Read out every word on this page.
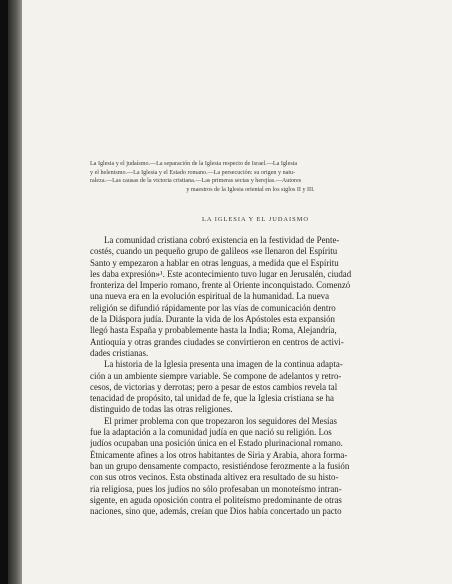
La Iglesia y el judaísmo.—La separación de la Iglesia respecto de Israel.—La Iglesia
y el helenismo.—La Iglesia y el Estado romano.—La persecución: su origen y natu-
raleza.—Las causas de la victoria cristiana.—Las primeras sectas y herejías.—Autores
y maestros de la Iglesia oriental en los siglos II y III.
LA IGLESIA Y EL JUDAISMO
La comunidad cristiana cobró existencia en la festividad de Pente-
costés, cuando un pequeño grupo de galileos «se llenaron del Espíritu
Santo y empezaron a hablar en otras lenguas, a medida que el Espíritu
les daba expresión»¹. Este acontecimiento tuvo lugar en Jerusalén, ciudad
fronteriza del Imperio romano, frente al Oriente inconquistado. Comenzó
una nueva era en la evolución espiritual de la humanidad. La nueva
religión se difundió rápidamente por las vías de comunicación dentro
de la Diáspora judía. Durante la vida de los Apóstoles esta expansión
llegó hasta España y probablemente hasta la India; Roma, Alejandría,
Antioquía y otras grandes ciudades se convirtieron en centros de activi-
dades cristianas.
La historia de la Iglesia presenta una imagen de la continua adapta-
ción a un ambiente siempre variable. Se compone de adelantos y retro-
cesos, de victorias y derrotas; pero a pesar de estos cambios revela tal
tenacidad de propósito, tal unidad de fe, que la Iglesia cristiana se ha
distinguido de todas las otras religiones.
El primer problema con que tropezaron los seguidores del Mesías
fue la adaptación a la comunidad judía en que nació su religión. Los
judíos ocupaban una posición única en el Estado plurinacional romano.
Étnicamente afines a los otros habitantes de Siria y Arabia, ahora forma-
ban un grupo densamente compacto, resistiéndose ferozmente a la fusión
con sus otros vecinos. Esta obstinada altivez era resultado de su histo-
ria religiosa, pues los judíos no sólo profesaban un monoteísmo intran-
sigente, en aguda oposición contra el politeísmo predominante de otras
naciones, sino que, además, creían que Dios había concertado un pacto
